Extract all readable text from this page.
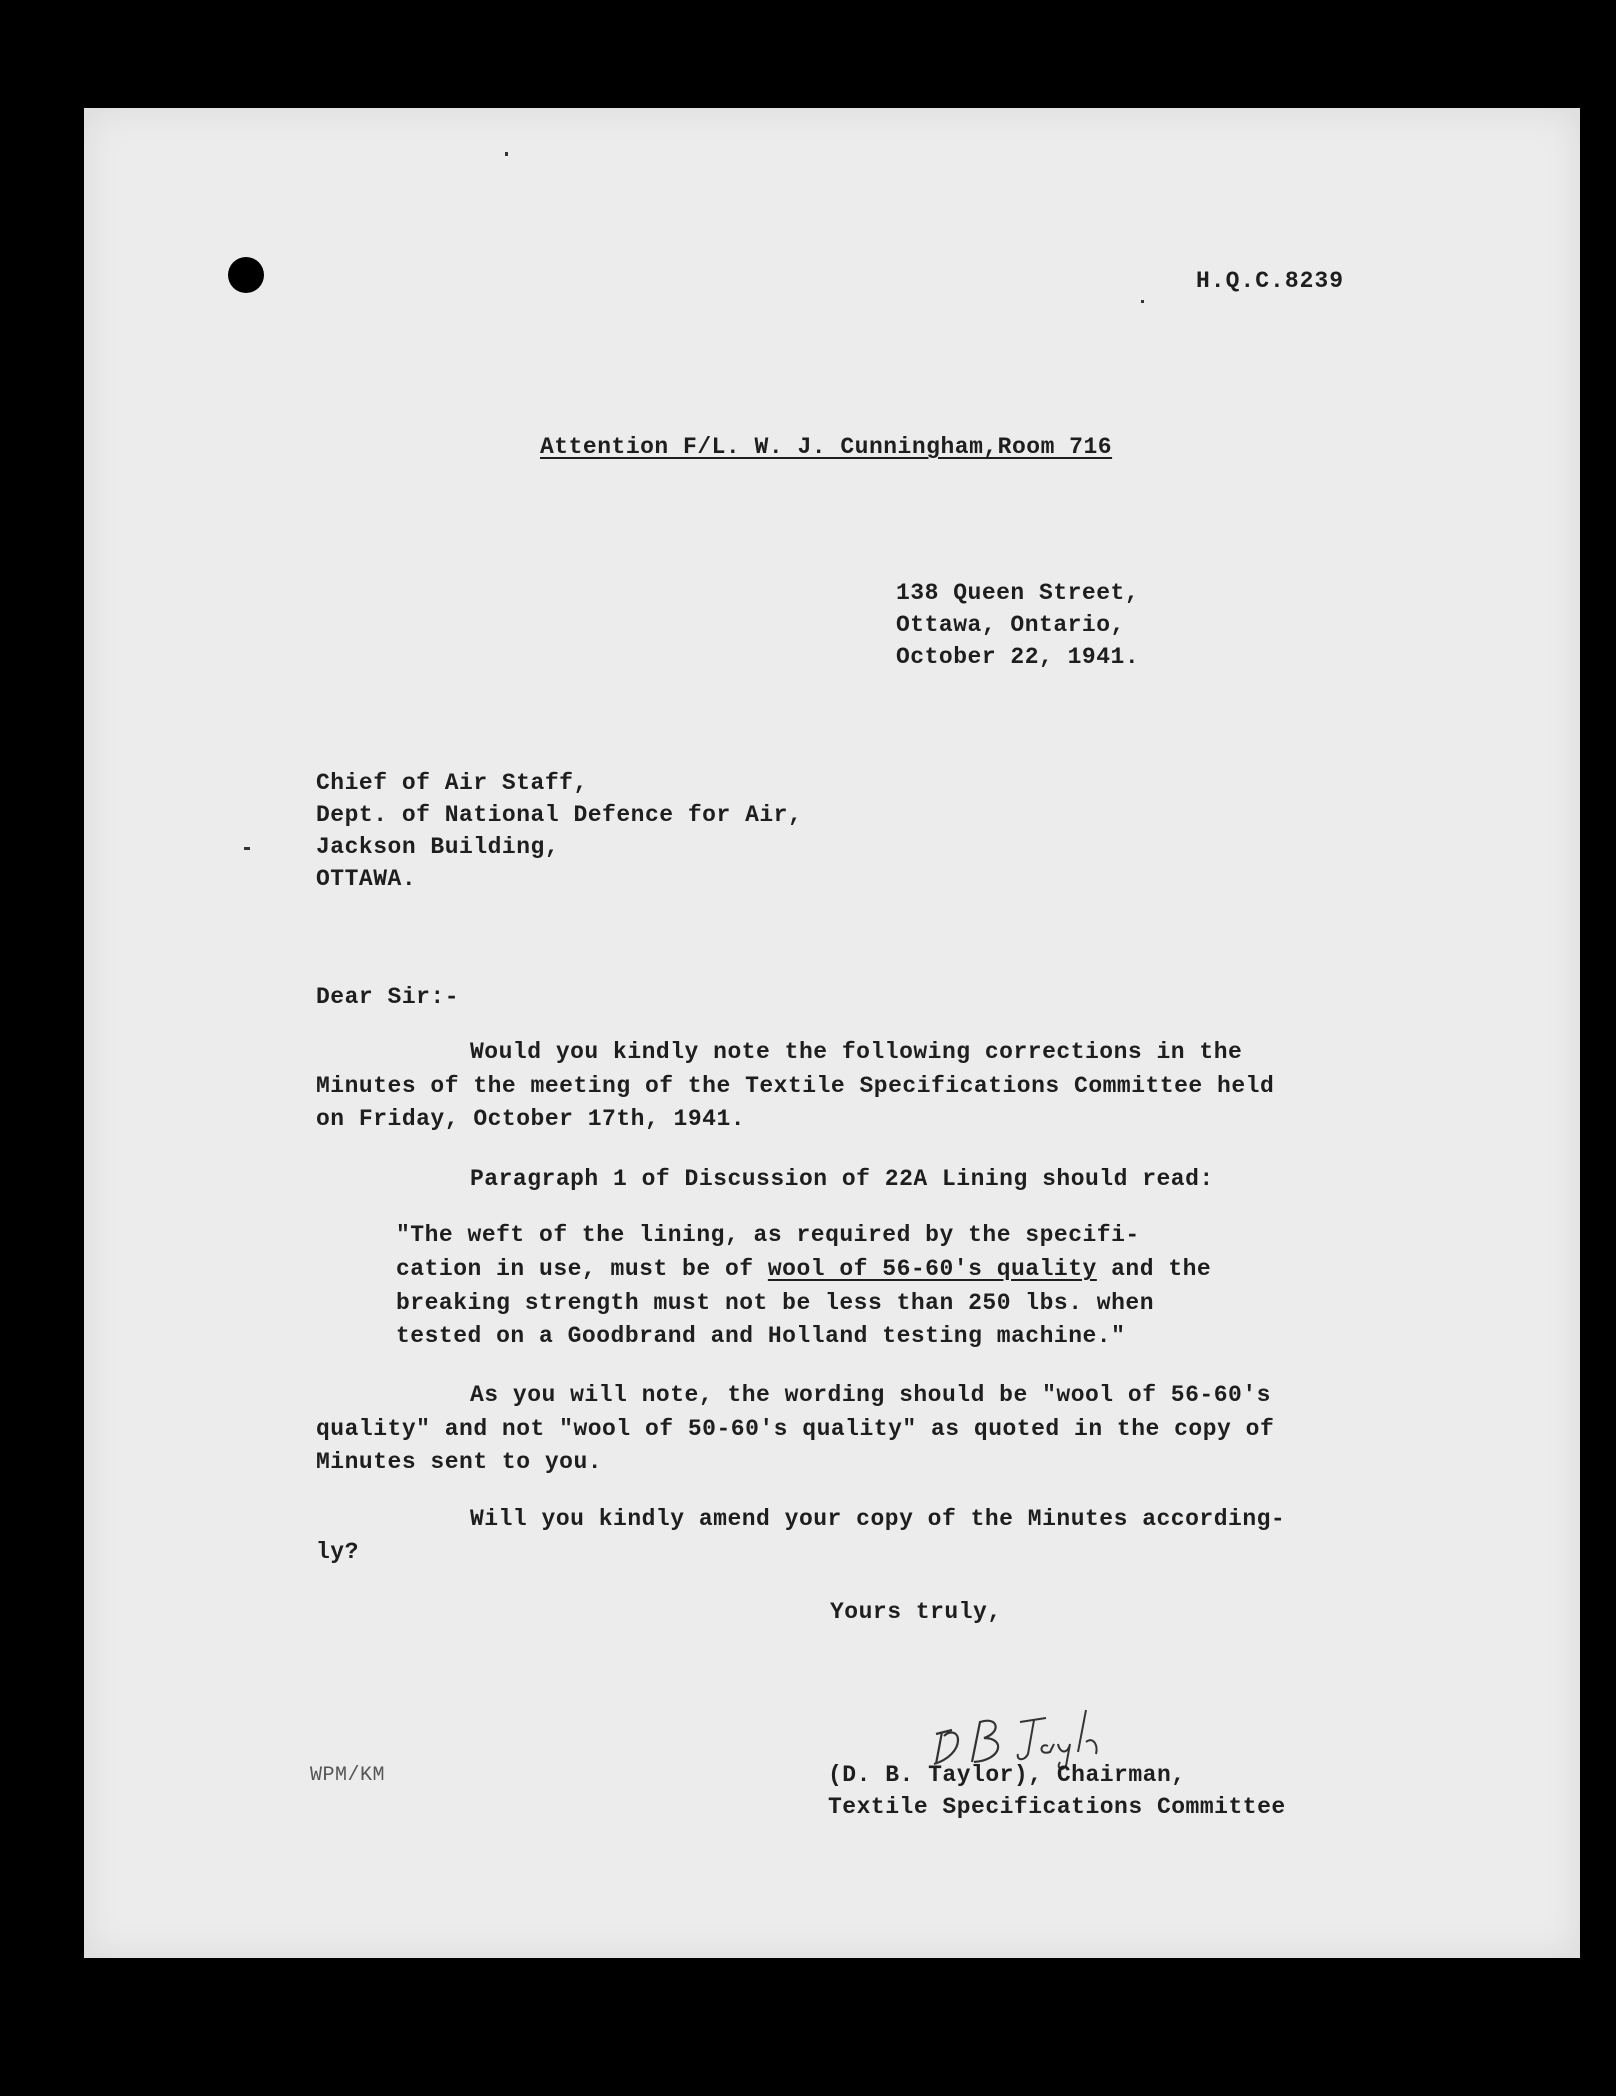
H.Q.C.8239

138 Queen Street,

Ottawa, Ontario,

October 22, 1941.

Chief of Air Staff,

Dept. of National Defence for Air,

Jackson Building,

OTTAWA.

Attention F/L. W. J. Cunningham,Room 716

Dear Sir:-

Would you kindly note the following corrections in the

Minutes of the meeting of the Textile Specifications Committee held

on Friday, October 17th, 1941.

Paragraph 1 of Discussion of 22A Lining should read:

"The weft of the lining, as required by the specifi-

cation in use, must be of wool of 56-60's quality and the

breaking strength must not be less than 250 lbs. when

tested on a Goodbrand and Holland testing machine."

As you will note, the wording should be "wool of 56-60's

quality" and not "wool of 50-60's quality" as quoted in the copy of

Minutes sent to you.

Will you kindly amend your copy of the Minutes according-

ly?

Yours truly,

WPM/KM	(D. B. Taylor), Chairman,

Textile Specifications Committee
